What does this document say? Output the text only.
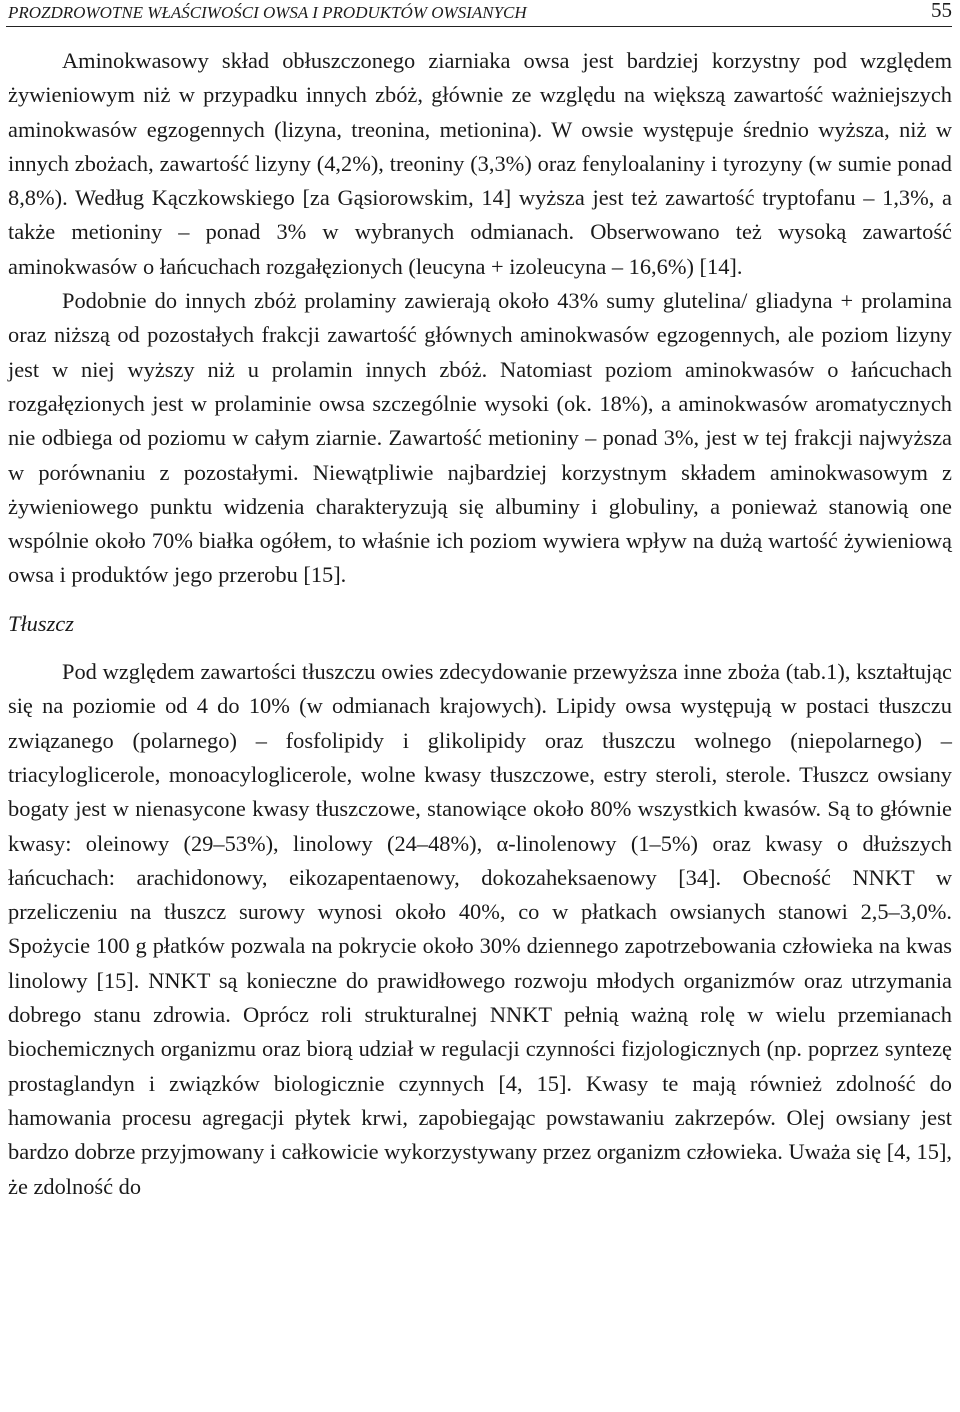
PROZDROWOTNE WŁAŚCIWOŚCI OWSA I PRODUKTÓW OWSIANYCH	55

Aminokwasowy skład obłuszczonego ziarniaka owsa jest bardziej korzystny pod względem żywieniowym niż w przypadku innych zbóż, głównie ze względu na większą zawartość ważniejszych aminokwasów egzogennych (lizyna, treonina, metionina). W owsie występuje średnio wyższa, niż w innych zbożach, zawartość lizyny (4,2%), treoniny (3,3%) oraz fenyloalaniny i tyrozyny (w sumie ponad 8,8%). Według Kączkowskiego [za Gąsiorowskim, 14] wyższa jest też zawartość tryptofanu – 1,3%, a także metioniny – ponad 3% w wybranych odmianach. Obserwowano też wysoką zawartość aminokwasów o łańcuchach rozgałęzionych (leucyna + izoleucyna – 16,6%) [14].

Podobnie do innych zbóż prolaminy zawierają około 43% sumy glutelina/ gliadyna + prolamina oraz niższą od pozostałych frakcji zawartość głównych aminokwasów egzogennych, ale poziom lizyny jest w niej wyższy niż u prolamin innych zbóż. Natomiast poziom aminokwasów o łańcuchach rozgałęzionych jest w prolaminie owsa szczególnie wysoki (ok. 18%), a aminokwasów aromatycznych nie odbiega od poziomu w całym ziarnie. Zawartość metioniny – ponad 3%, jest w tej frakcji najwyższa w porównaniu z pozostałymi. Niewątpliwie najbardziej korzystnym składem aminokwasowym z żywieniowego punktu widzenia charakteryzują się albuminy i globuliny, a ponieważ stanowią one wspólnie około 70% białka ogółem, to właśnie ich poziom wywiera wpływ na dużą wartość żywieniową owsa i produktów jego przerobu [15].

Tłuszcz

Pod względem zawartości tłuszczu owies zdecydowanie przewyższa inne zboża (tab.1), kształtując się na poziomie od 4 do 10% (w odmianach krajowych). Lipidy owsa występują w postaci tłuszczu związanego (polarnego) – fosfolipidy i glikolipidy oraz tłuszczu wolnego (niepolarnego) – triacyloglicerole, monoacyloglicerole, wolne kwasy tłuszczowe, estry steroli, sterole. Tłuszcz owsiany bogaty jest w nienasycone kwasy tłuszczowe, stanowiące około 80% wszystkich kwasów. Są to głównie kwasy: oleinowy (29–53%), linolowy (24–48%), α-linolenowy (1–5%) oraz kwasy o dłuższych łańcuchach: arachidonowy, eikozapentaenowy, dokozaheksaenowy [34]. Obecność NNKT w przeliczeniu na tłuszcz surowy wynosi około 40%, co w płatkach owsianych stanowi 2,5–3,0%. Spożycie 100 g płatków pozwala na pokrycie około 30% dziennego zapotrzebowania człowieka na kwas linolowy [15]. NNKT są konieczne do prawidłowego rozwoju młodych organizmów oraz utrzymania dobrego stanu zdrowia. Oprócz roli strukturalnej NNKT pełnią ważną rolę w wielu przemianach biochemicznych organizmu oraz biorą udział w regulacji czynności fizjologicznych (np. poprzez syntezę prostaglandyn i związków biologicznie czynnych [4, 15]. Kwasy te mają również zdolność do hamowania procesu agregacji płytek krwi, zapobiegając powstawaniu zakrzepów. Olej owsiany jest bardzo dobrze przyjmowany i całkowicie wykorzystywany przez organizm człowieka. Uważa się [4, 15], że zdolność do
